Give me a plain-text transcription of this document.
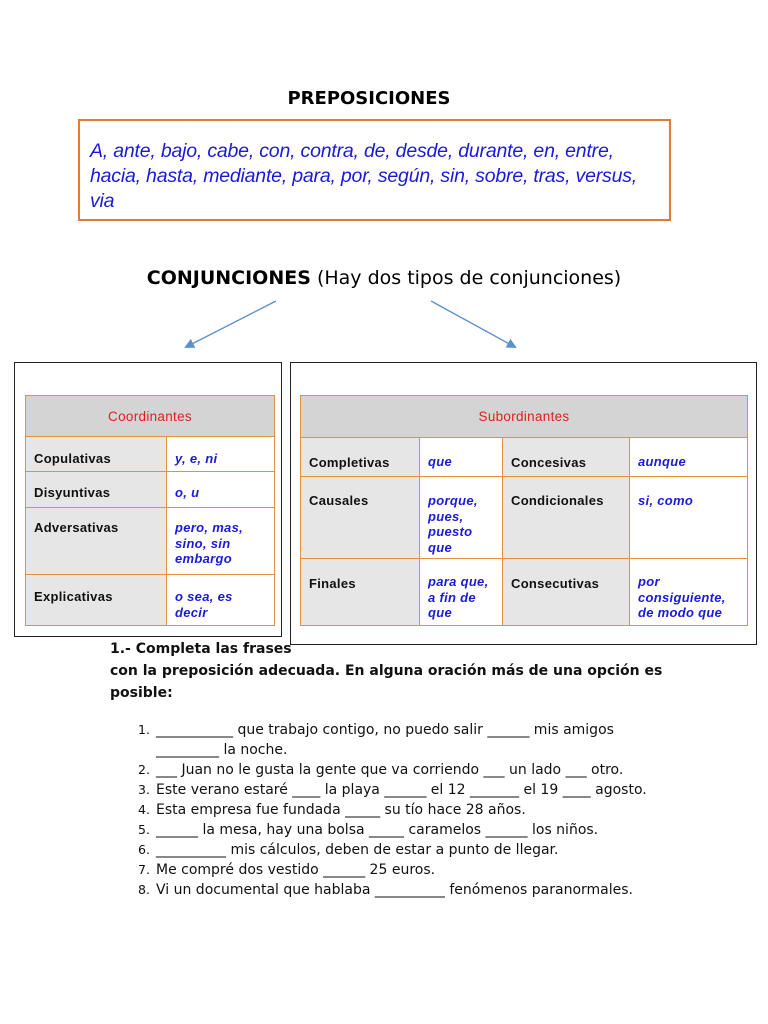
PREPOSICIONES
A, ante, bajo, cabe, con, contra, de, desde, durante, en, entre, hacia, hasta, mediante, para, por, según, sin, sobre, tras, versus, via
CONJUNCIONES (Hay dos tipos de conjunciones)
Coordinantes	
Copulativas	y, e, ni
Disyuntivas	o, u
Adversativas	pero, mas, sino, sin embargo
Explicativas	o sea, es decir
Subordinantes			
Completivas	que	Concesivas	aunque
Causales	porque, pues, puesto que	Condicionales	si, como
Finales	para que, a fin de que	Consecutivas	por consiguiente, de modo que
1.- Completa las frases
con la preposición adecuada. En alguna oración más de una opción es posible:
1. ___________ que trabajo contigo, no puedo salir ______ mis amigos _________ la noche.
2. ___ Juan no le gusta la gente que va corriendo ___ un lado ___ otro.
3. Este verano estaré ____ la playa ______ el 12 _______ el 19 ____ agosto.
4. Esta empresa fue fundada _____ su tío hace 28 años.
5. ______ la mesa, hay una bolsa _____ caramelos ______ los niños.
6. __________ mis cálculos, deben de estar a punto de llegar.
7. Me compré dos vestido ______ 25 euros.
8. Vi un documental que hablaba __________ fenómenos paranormales.
